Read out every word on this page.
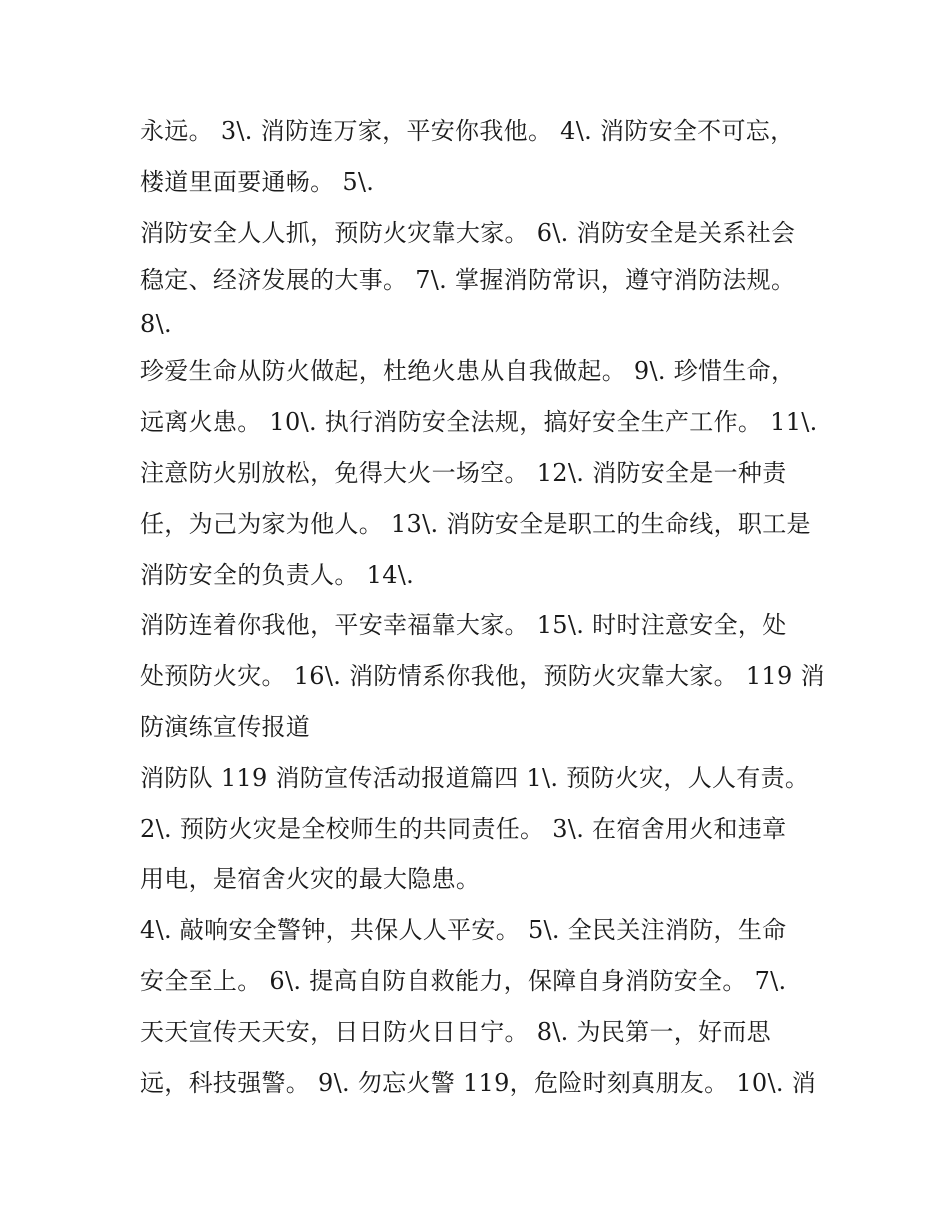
永远。 3\. 消防连万家，平安你我他。 4\. 消防安全不可忘，
楼道里面要通畅。 5\.
消防安全人人抓，预防火灾靠大家。 6\. 消防安全是关系社会
稳定、经济发展的大事。 7\. 掌握消防常识，遵守消防法规。
8\.
珍爱生命从防火做起，杜绝火患从自我做起。 9\. 珍惜生命，
远离火患。 10\. 执行消防安全法规，搞好安全生产工作。 11\.
注意防火别放松，免得大火一场空。 12\. 消防安全是一种责
任，为己为家为他人。 13\. 消防安全是职工的生命线，职工是
消防安全的负责人。 14\.
消防连着你我他，平安幸福靠大家。 15\. 时时注意安全，处
处预防火灾。 16\. 消防情系你我他，预防火灾靠大家。 119 消
防演练宣传报道
消防队 119 消防宣传活动报道篇四 1\. 预防火灾，人人有责。
2\. 预防火灾是全校师生的共同责任。 3\. 在宿舍用火和违章
用电，是宿舍火灾的最大隐患。
4\. 敲响安全警钟，共保人人平安。 5\. 全民关注消防，生命
安全至上。 6\. 提高自防自救能力，保障自身消防安全。 7\.
天天宣传天天安，日日防火日日宁。 8\. 为民第一，好而思
远，科技强警。 9\. 勿忘火警 119，危险时刻真朋友。 10\. 消
